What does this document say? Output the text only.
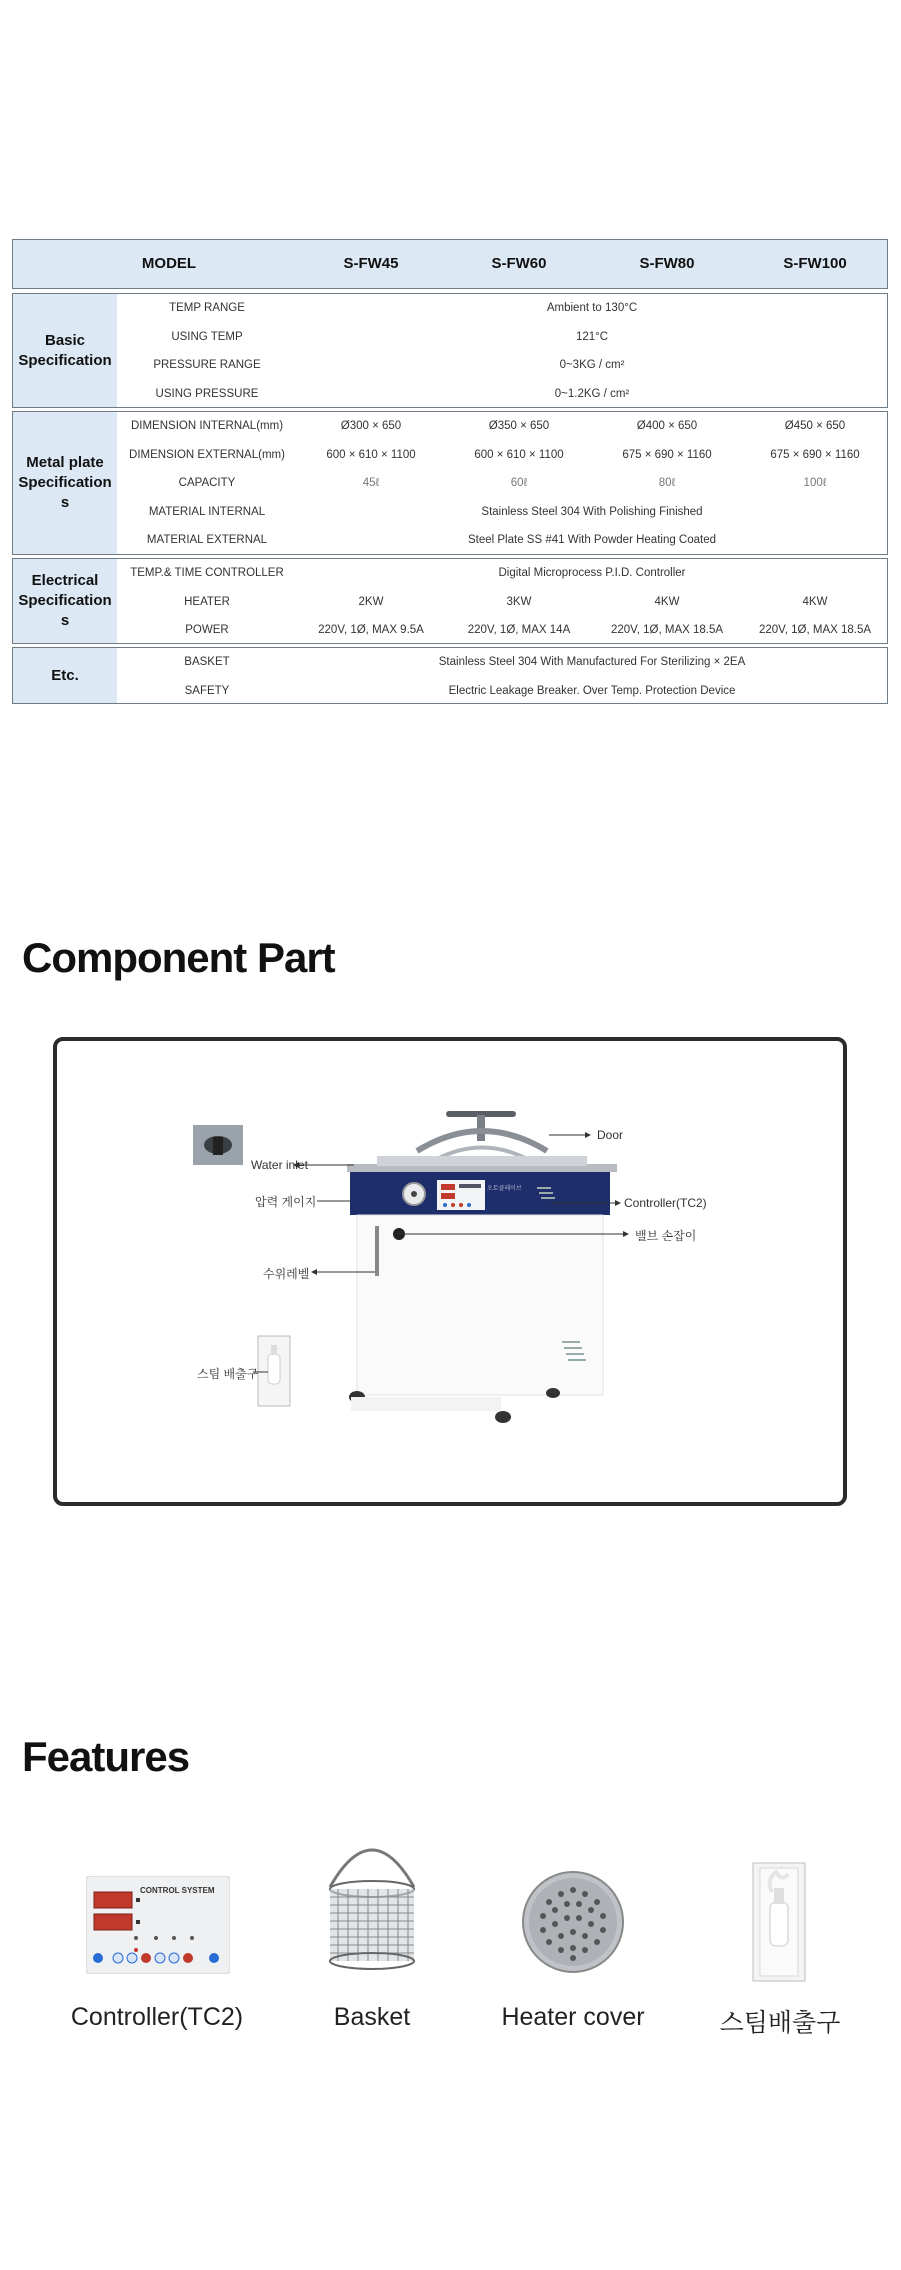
MODEL	S-FW45	S-FW60	S-FW80	S-FW100
Basic Specification
TEMP RANGE	Ambient to 130°C
USING TEMP	121°C
PRESSURE RANGE	0~3KG / cm²
USING PRESSURE	0~1.2KG / cm²
Metal plate Specification s
DIMENSION INTERNAL(mm)	Ø300 × 650	Ø350 × 650	Ø400 × 650	Ø450 × 650
DIMENSION EXTERNAL(mm)	600 × 610 × 1100	600 × 610 × 1100	675 × 690 × 1160	675 × 690 × 1160
CAPACITY	45ℓ	60ℓ	80ℓ	100ℓ
MATERIAL INTERNAL	Stainless Steel 304 With Polishing Finished
MATERIAL EXTERNAL	Steel Plate SS #41 With Powder Heating Coated
Electrical Specification s
TEMP.& TIME CONTROLLER	Digital Microprocess P.I.D. Controller
HEATER	2KW	3KW	4KW	4KW
POWER	220V, 1Ø, MAX 9.5A	220V, 1Ø, MAX 14A	220V, 1Ø, MAX 18.5A	220V, 1Ø, MAX 18.5A
Etc.
BASKET	Stainless Steel 304 With Manufactured For Sterilizing × 2EA
SAFETY	Electric Leakage Breaker. Over Temp. Protection Device
Component Part
오토클레이브
Door
Water inlet
압력 게이지	Controller(TC2)
밸브 손잡이
수위레벨
스팀 배출구
Features
CONTROL SYSTEM
Controller(TC2)	Basket	Heater cover	스팀배출구
